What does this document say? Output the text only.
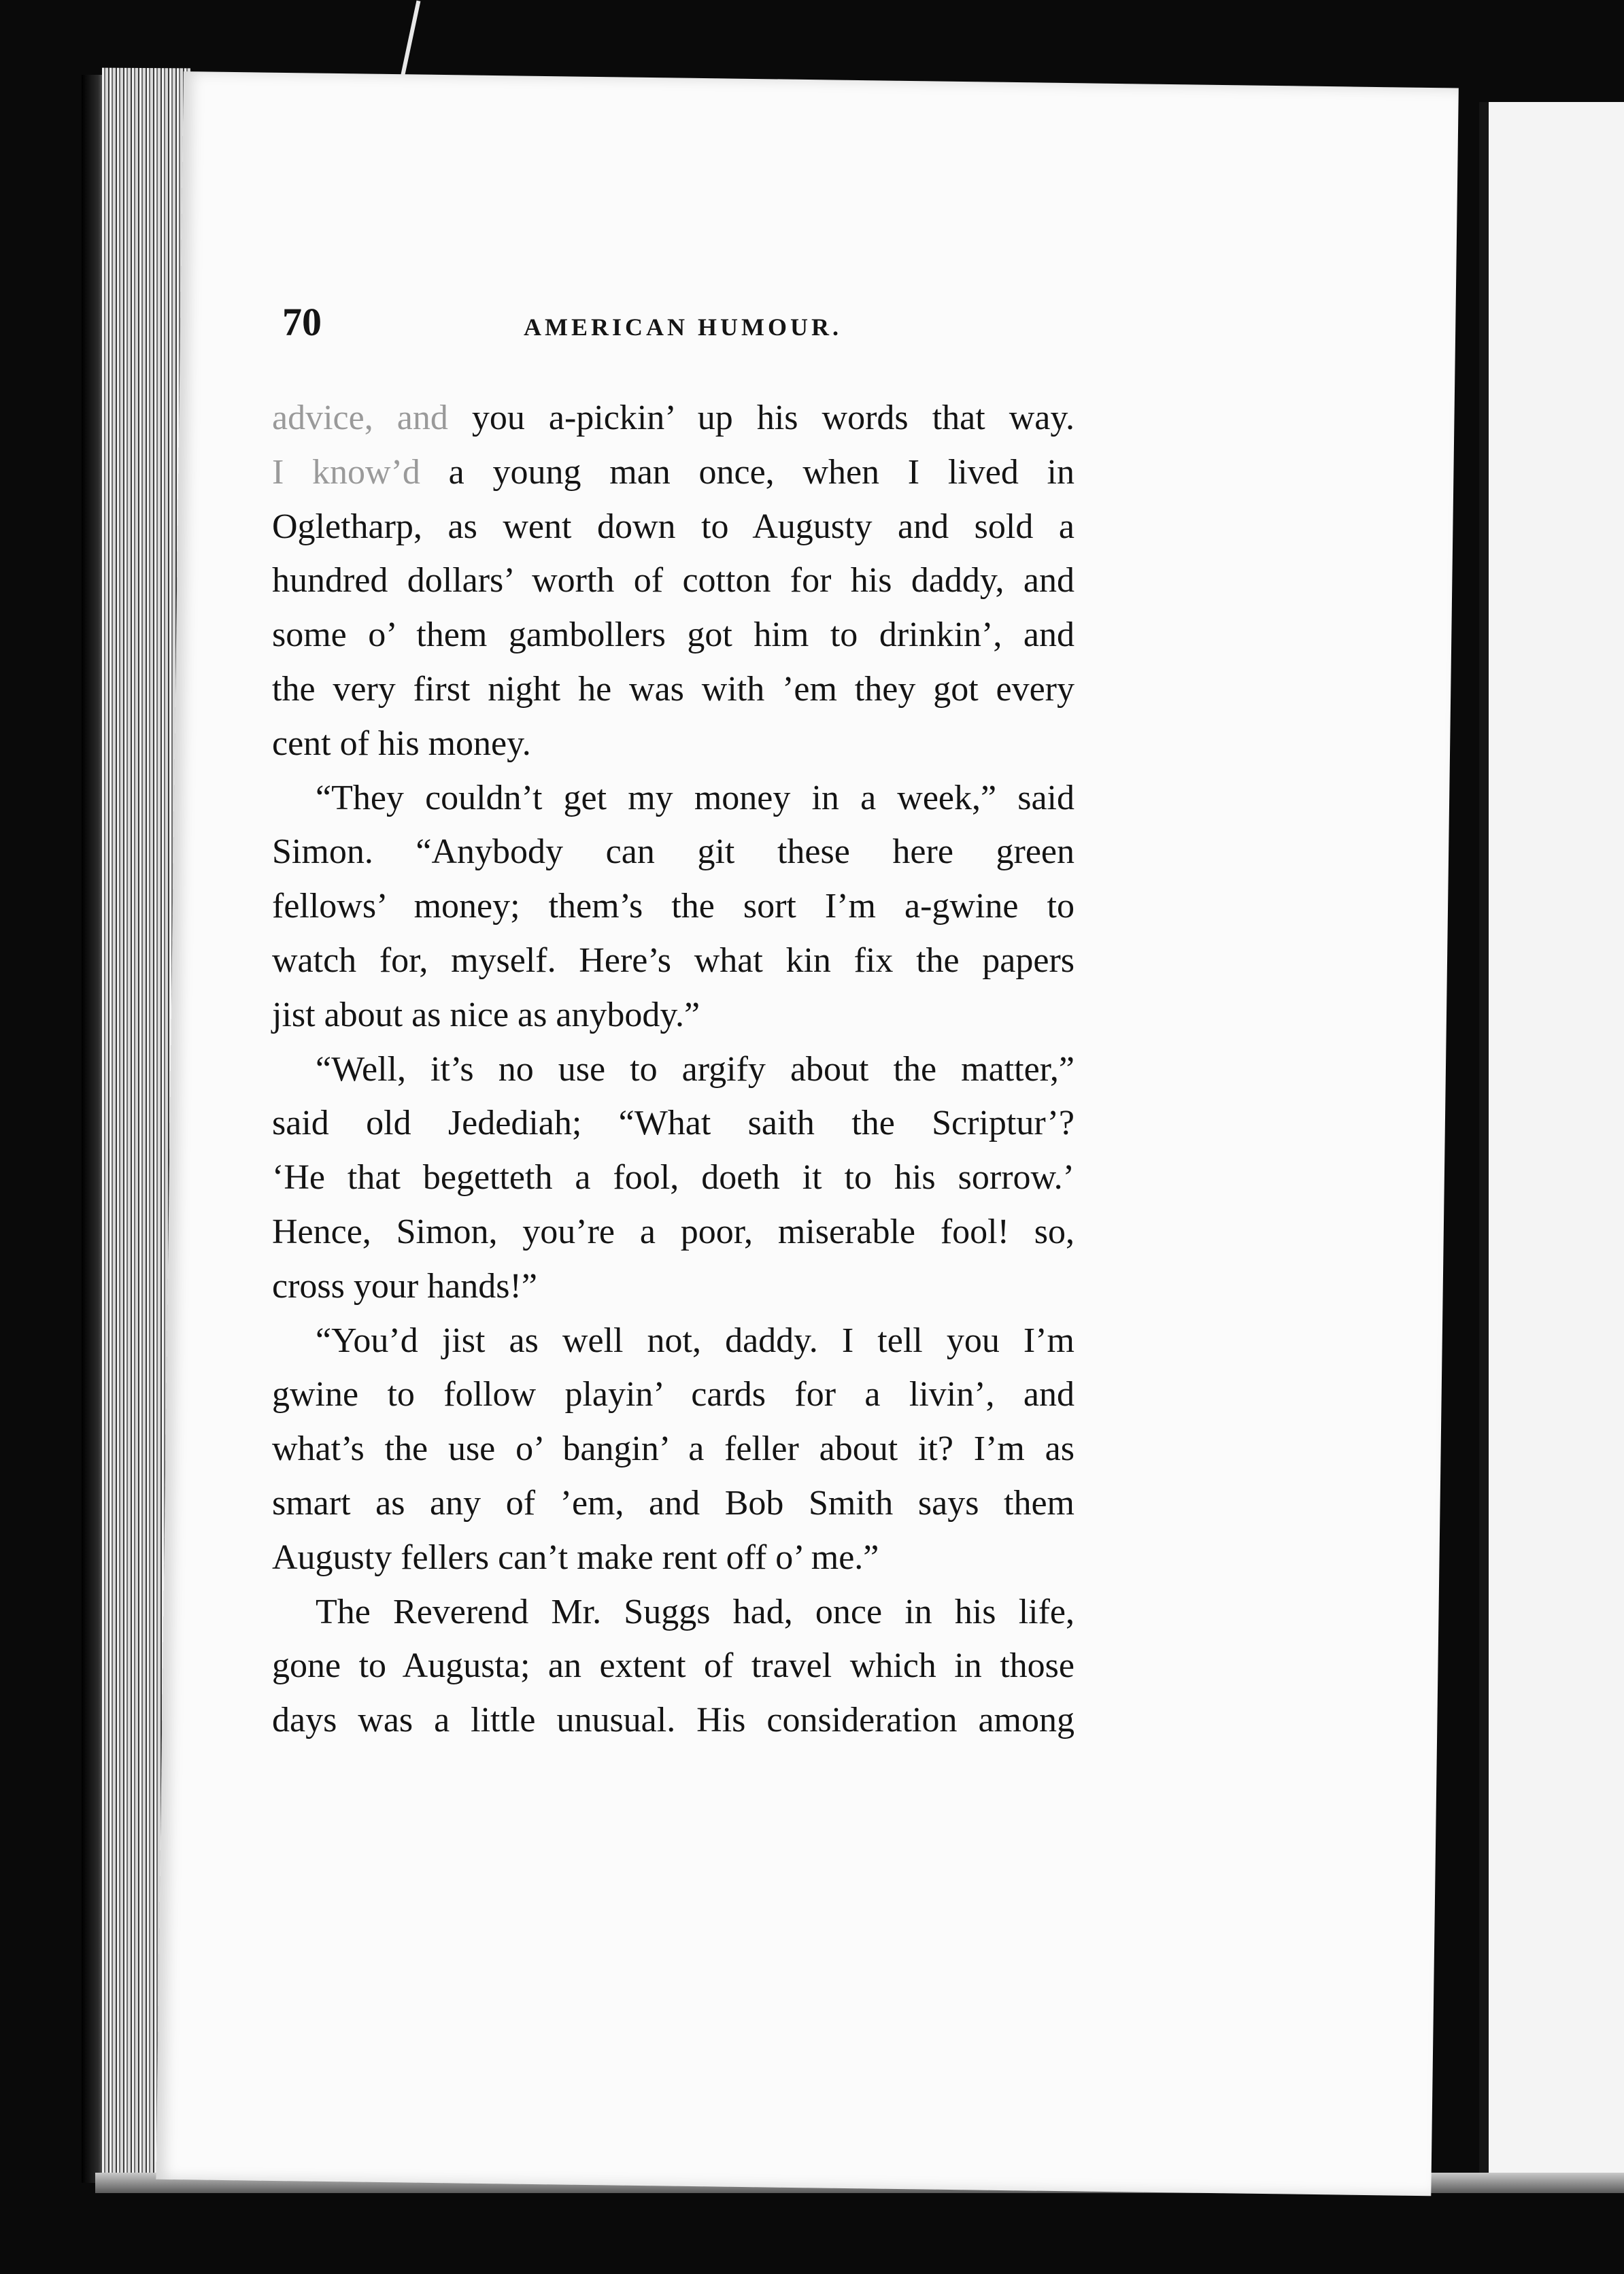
70	AMERICAN HUMOUR.
advice, and you a-pickin’ up his words that way.
I know’d a young man once, when I lived in
Ogletharp, as went down to Augusty and sold a
hundred dollars’ worth of cotton for his daddy, and
some o’ them gambollers got him to drinkin’, and
the very first night he was with ’em they got every
cent of his money.
“They couldn’t get my money in a week,” said
Simon. “Anybody can git these here green
fellows’ money; them’s the sort I’m a-gwine to
watch for, myself. Here’s what kin fix the papers
jist about as nice as anybody.”
“Well, it’s no use to argify about the matter,”
said old Jedediah; “What saith the Scriptur’?
‘He that begetteth a fool, doeth it to his sorrow.’
Hence, Simon, you’re a poor, miserable fool! so,
cross your hands!”
“You’d jist as well not, daddy. I tell you I’m
gwine to follow playin’ cards for a livin’, and
what’s the use o’ bangin’ a feller about it? I’m as
smart as any of ’em, and Bob Smith says them
Augusty fellers can’t make rent off o’ me.”
The Reverend Mr. Suggs had, once in his life,
gone to Augusta; an extent of travel which in those
days was a little unusual. His consideration among
